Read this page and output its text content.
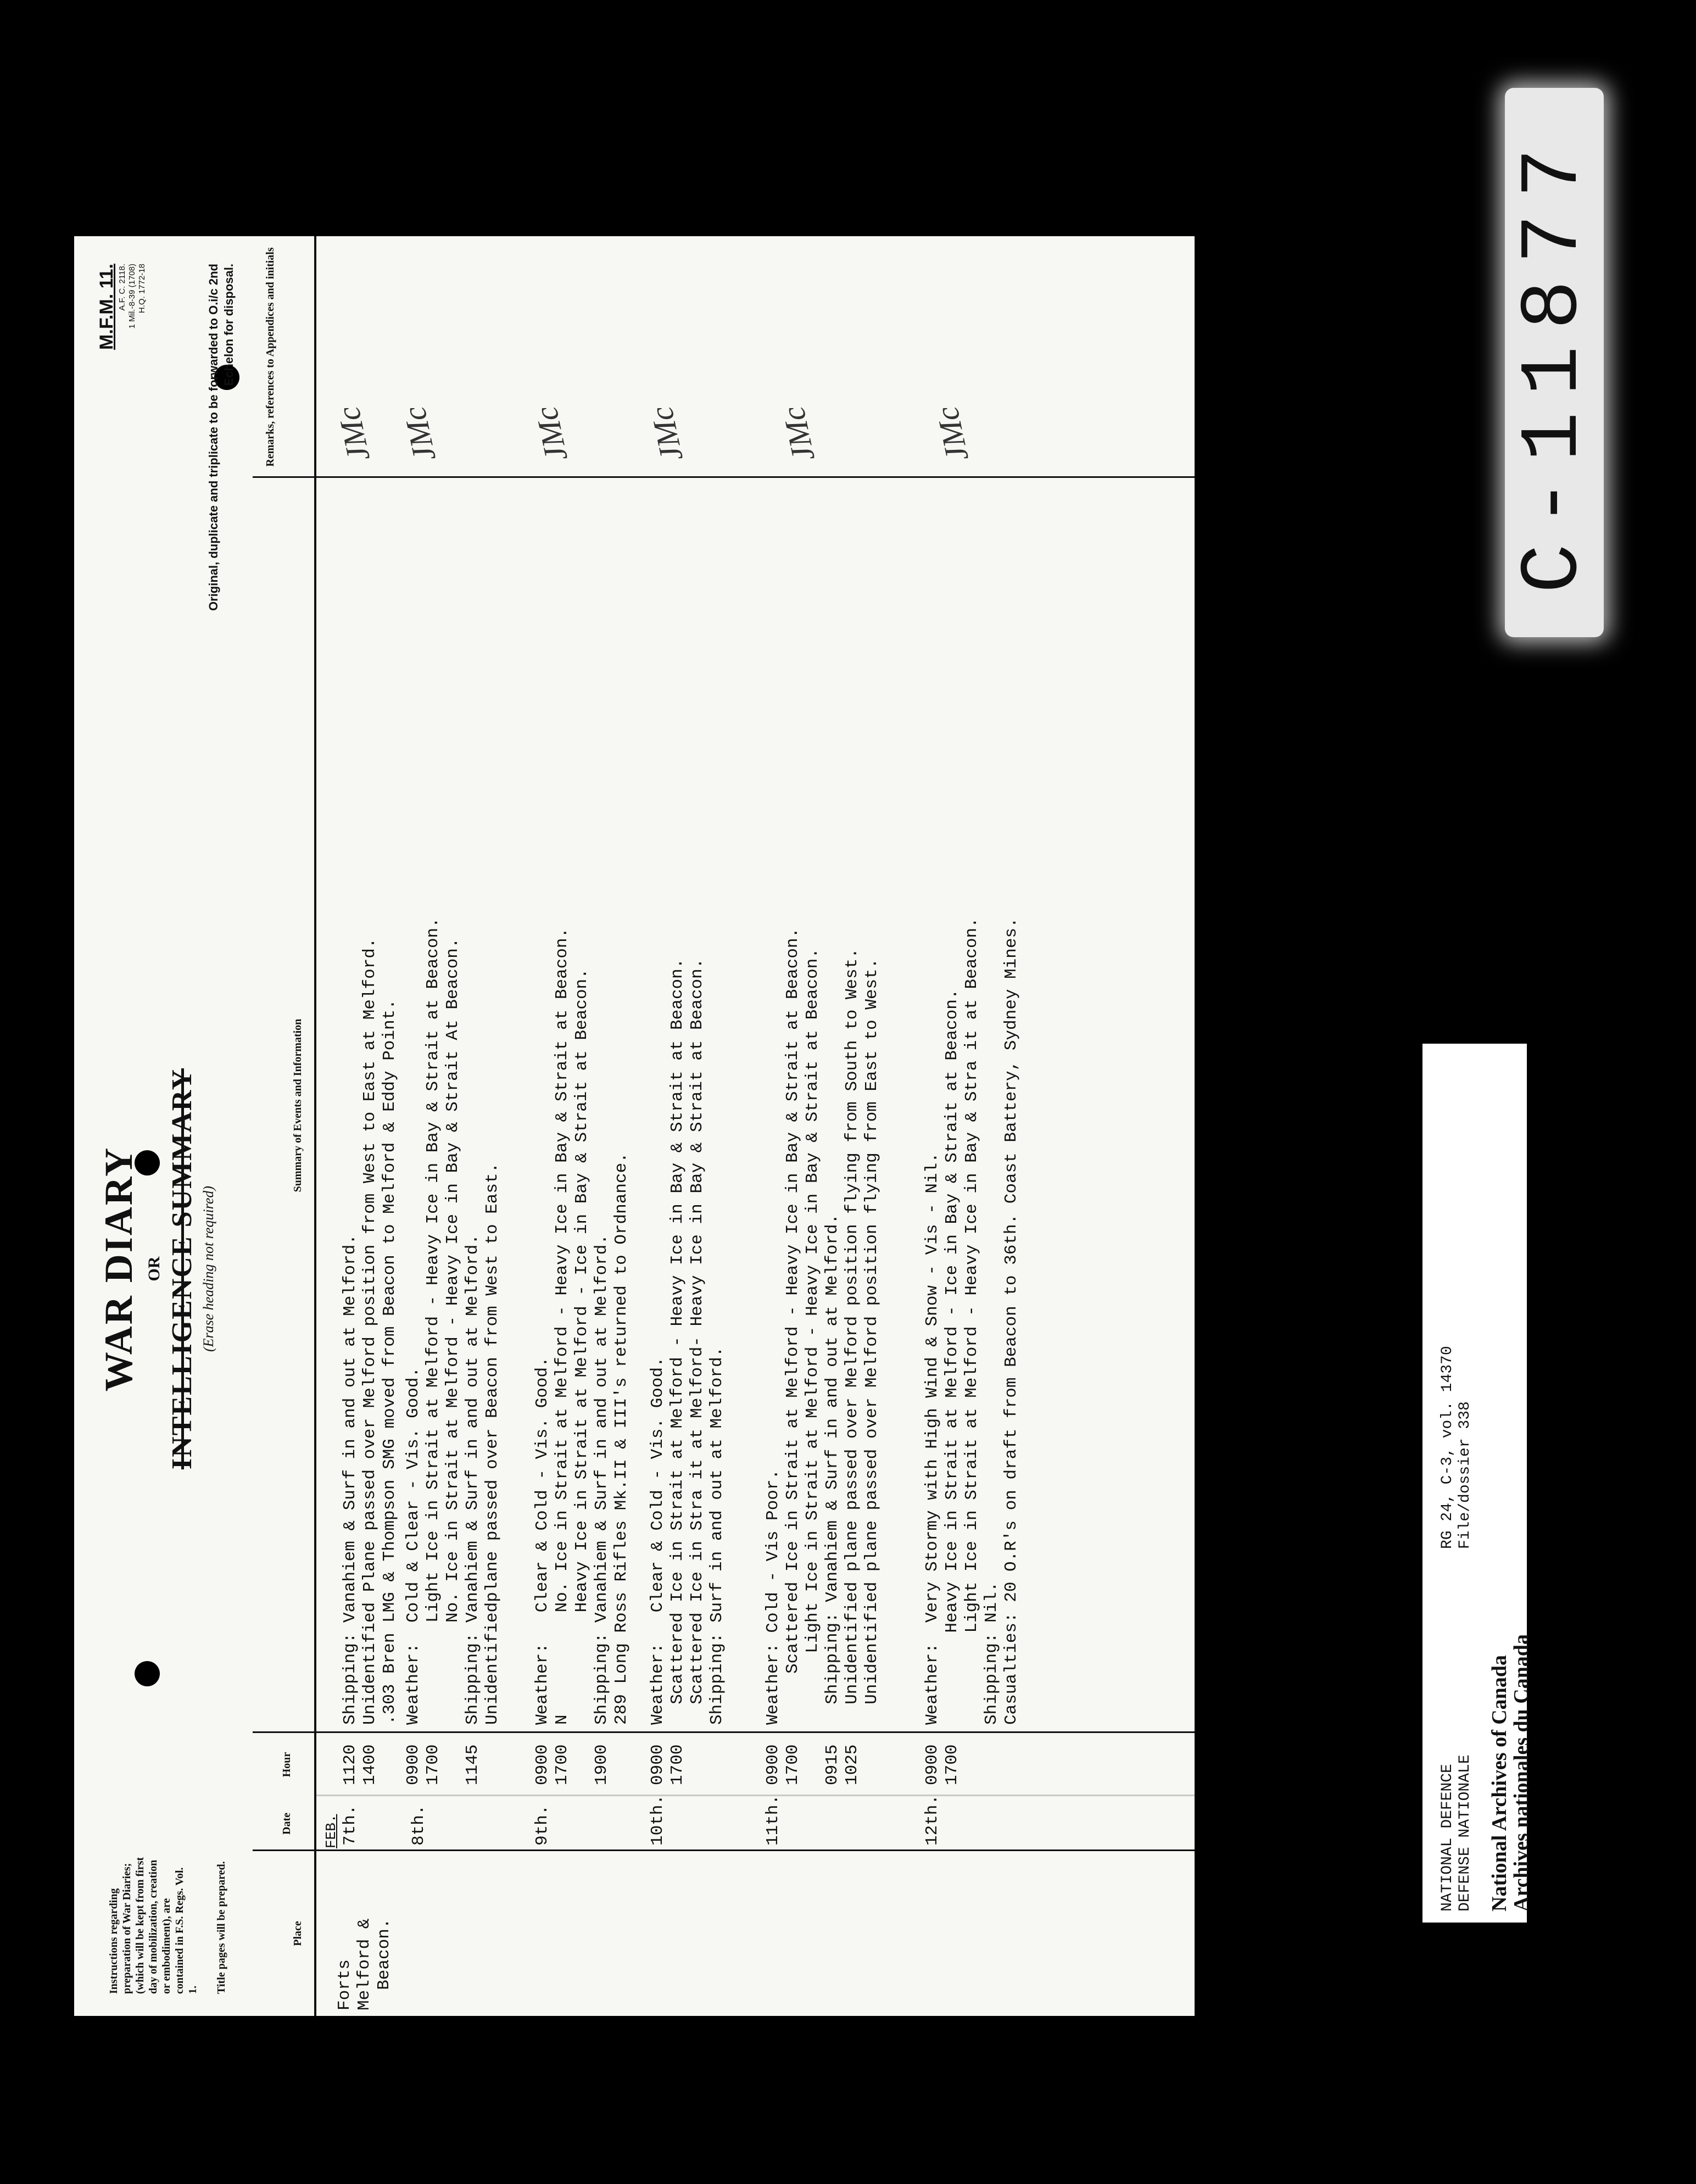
Instructions regarding preparation of War Diaries; (which will be kept from first day of mobilization, creation or embodiment), are contained in F.S. Regs. Vol. 1. Title pages will be prepared.
WAR DIARY OR INTELLIGENCE SUMMARY (Erase heading not required)
M.F.M. 11. A.F. C. 2118.
1 Mil.-8-39 (1708)
H.Q. 1772-18	Original, duplicate and triplicate to be forwarded to O.i/c 2nd Echelon for disposal.
Place
Date
Hour
Summary of Events and Information
Remarks, references to Appendices and initials
FEB.
Forts
Melford &
Beacon.
7th.
1120
1400
Shipping: Vanahiem & Surf in and out at Melford.
Unidentified Plane passed over Melford position from West to East at Melford.
.303 Bren LMG & Thompson SMG moved from Beacon to Melford & Eddy Point.
JMc
8th.
0900
1700

1145
Weather:  Cold & Clear - Vis. Good.
Light Ice in Strait at Melford - Heavy Ice in Bay & Strait at Beacon.
No. Ice in Strait at Melford - Heavy Ice in Bay & Strait At Beacon.
Shipping: Vanahiem & Surf in and out at Melford.
Unidentifiedplane passed over Beacon from West to East.
JMc
9th.
0900
1700

1900
Weather:   Clear & Cold - Vis. Good.
N          No. Ice in Strait at Melford - Heavy Ice in Bay & Strait at Beacon.
Heavy Ice in Strait at Melford - Ice in Bay & Strait at Beacon.
Shipping: Vanahiem & Surf in and out at Melford.
289 Long Ross Rifles Mk.II & III's returned to Ordnance.
JMc
10th.
0900
1700
Weather:   Clear & Cold - Vis. Good.
Scattered Ice in Strait at Melford - Heavy Ice in Bay & Strait at Beacon.
Scattered Ice in Stra it at Melford- Heavy Ice in Bay & Strait at Beacon.
Shipping: Surf in and out at Melford.
JMc
11th.
0900
1700

0915
1025
Weather: Cold - Vis Poor.
Scattered Ice in Strait at Melford - Heavy Ice in Bay & Strait at Beacon.
Light Ice in Strait at Melford - Heavy Ice in Bay & Strait at Beacon.
Shipping: Vanahiem & Surf in and out at Melford.
Unidentified plane passed over Melford position flying from South to West.
Unidentified plane passed over Melford position flying from East to West.
JMc
12th.
0900
1700
Weather:  Very Stormy with High Wind & Snow - Vis - Nil.
Heavy Ice in Strait at Melford - Ice in Bay & Strait at Beacon.
Light Ice in Strait at Melford - Heavy Ice in Bay & Stra it at Beacon.
Shipping: Nil.
Casualties: 20 O.R's on draft from Beacon to 36th. Coast Battery, Sydney Mines.
JMc	C-11877
NATIONAL DEFENCE
DEFENSE NATIONALE
RG 24, C-3, vol. 14370
File/dossier 338
National Archives of Canada
Archives nationales du Canada
